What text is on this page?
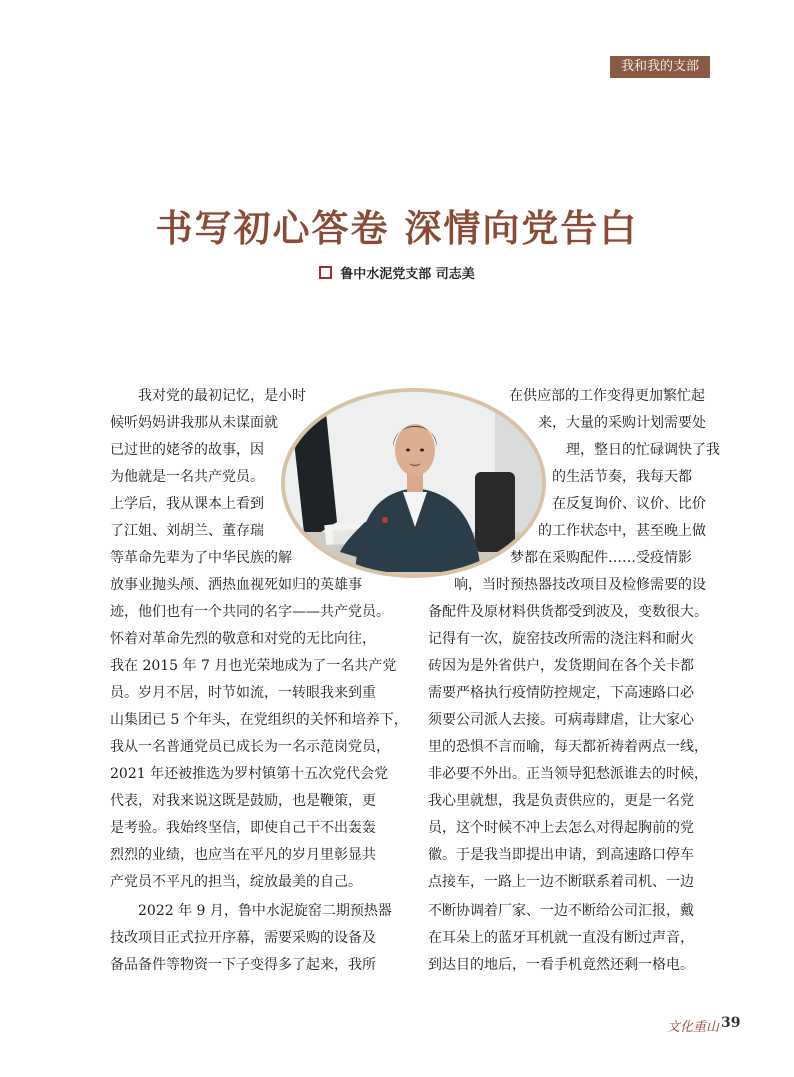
我和我的支部
书写初心答卷 深情向党告白
鲁中水泥党支部 司志美
我对党的最初记忆，是小时
候听妈妈讲我那从未谋面就
已过世的姥爷的故事，因
为他就是一名共产党员。
上学后，我从课本上看到
了江姐、刘胡兰、董存瑞
等革命先辈为了中华民族的解
放事业抛头颅、洒热血视死如归的英雄事
迹，他们也有一个共同的名字——共产党员。
怀着对革命先烈的敬意和对党的无比向往，
我在 2015 年 7 月也光荣地成为了一名共产党
员。岁月不居，时节如流，一转眼我来到重
山集团已 5 个年头，在党组织的关怀和培养下，
我从一名普通党员已成长为一名示范岗党员，
2021 年还被推选为罗村镇第十五次党代会党
代表，对我来说这既是鼓励，也是鞭策，更
是考验。我始终坚信，即使自己干不出轰轰
烈烈的业绩，也应当在平凡的岁月里彰显共
产党员不平凡的担当，绽放最美的自己。
2022 年 9 月，鲁中水泥旋窑二期预热器
技改项目正式拉开序幕，需要采购的设备及
备品备件等物资一下子变得多了起来，我所
在供应部的工作变得更加繁忙起
来，大量的采购计划需要处
理，整日的忙碌调快了我
的生活节奏，我每天都
在反复询价、议价、比价
的工作状态中，甚至晚上做
梦都在采购配件……受疫情影
响，当时预热器技改项目及检修需要的设
备配件及原材料供货都受到波及，变数很大。
记得有一次，旋窑技改所需的浇注料和耐火
砖因为是外省供户，发货期间在各个关卡都
需要严格执行疫情防控规定，下高速路口必
须要公司派人去接。可病毒肆虐，让大家心
里的恐惧不言而喻，每天都祈祷着两点一线，
非必要不外出。正当领导犯愁派谁去的时候，
我心里就想，我是负责供应的，更是一名党
员，这个时候不冲上去怎么对得起胸前的党
徽。于是我当即提出申请，到高速路口停车
点接车，一路上一边不断联系着司机、一边
不断协调着厂家、一边不断给公司汇报，戴
在耳朵上的蓝牙耳机就一直没有断过声音，
到达目的地后，一看手机竟然还剩一格电。
文化重山 39
